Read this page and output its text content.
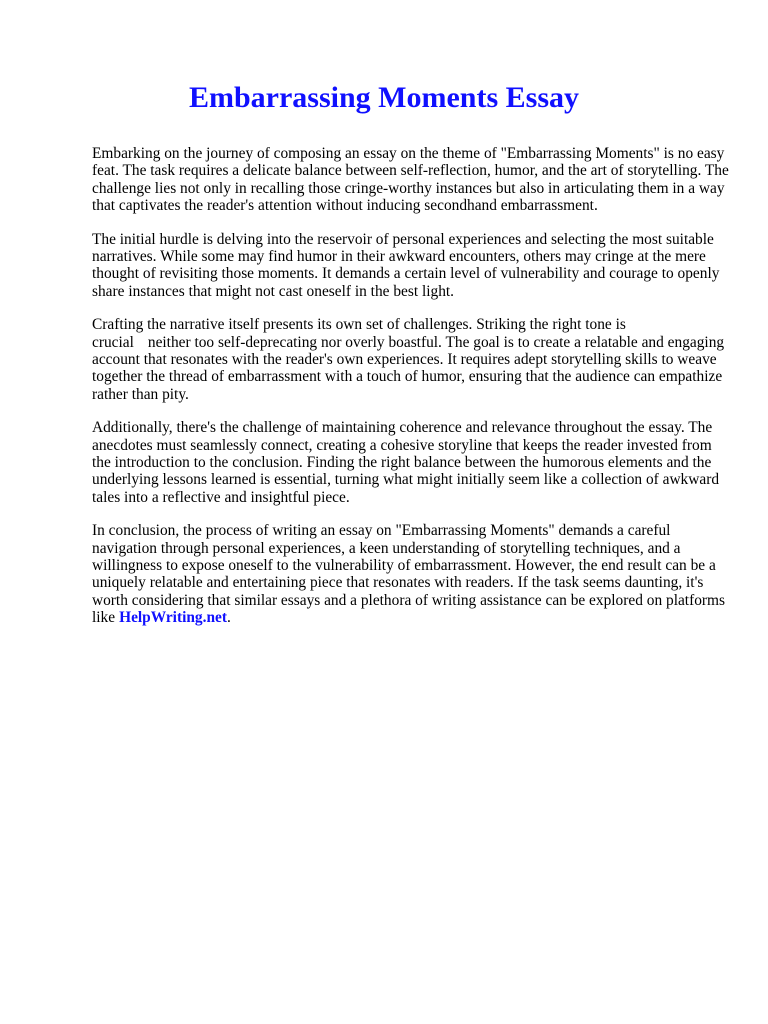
Embarrassing Moments Essay

Embarking on the journey of composing an essay on the theme of "Embarrassing Moments" is no easy feat. The task requires a delicate balance between self-reflection, humor, and the art of storytelling. The challenge lies not only in recalling those cringe-worthy instances but also in articulating them in a way that captivates the reader's attention without inducing secondhand embarrassment.

The initial hurdle is delving into the reservoir of personal experiences and selecting the most suitable narratives. While some may find humor in their awkward encounters, others may cringe at the mere thought of revisiting those moments. It demands a certain level of vulnerability and courage to openly share instances that might not cast oneself in the best light.

Crafting the narrative itself presents its own set of challenges. Striking the right tone is
crucial neither too self-deprecating nor overly boastful. The goal is to create a relatable and engaging account that resonates with the reader's own experiences. It requires adept storytelling skills to weave together the thread of embarrassment with a touch of humor, ensuring that the audience can empathize rather than pity.

Additionally, there's the challenge of maintaining coherence and relevance throughout the essay. The anecdotes must seamlessly connect, creating a cohesive storyline that keeps the reader invested from the introduction to the conclusion. Finding the right balance between the humorous elements and the underlying lessons learned is essential, turning what might initially seem like a collection of awkward tales into a reflective and insightful piece.

In conclusion, the process of writing an essay on "Embarrassing Moments" demands a careful navigation through personal experiences, a keen understanding of storytelling techniques, and a willingness to expose oneself to the vulnerability of embarrassment. However, the end result can be a uniquely relatable and entertaining piece that resonates with readers. If the task seems daunting, it's worth considering that similar essays and a plethora of writing assistance can be explored on platforms like HelpWriting.net.
